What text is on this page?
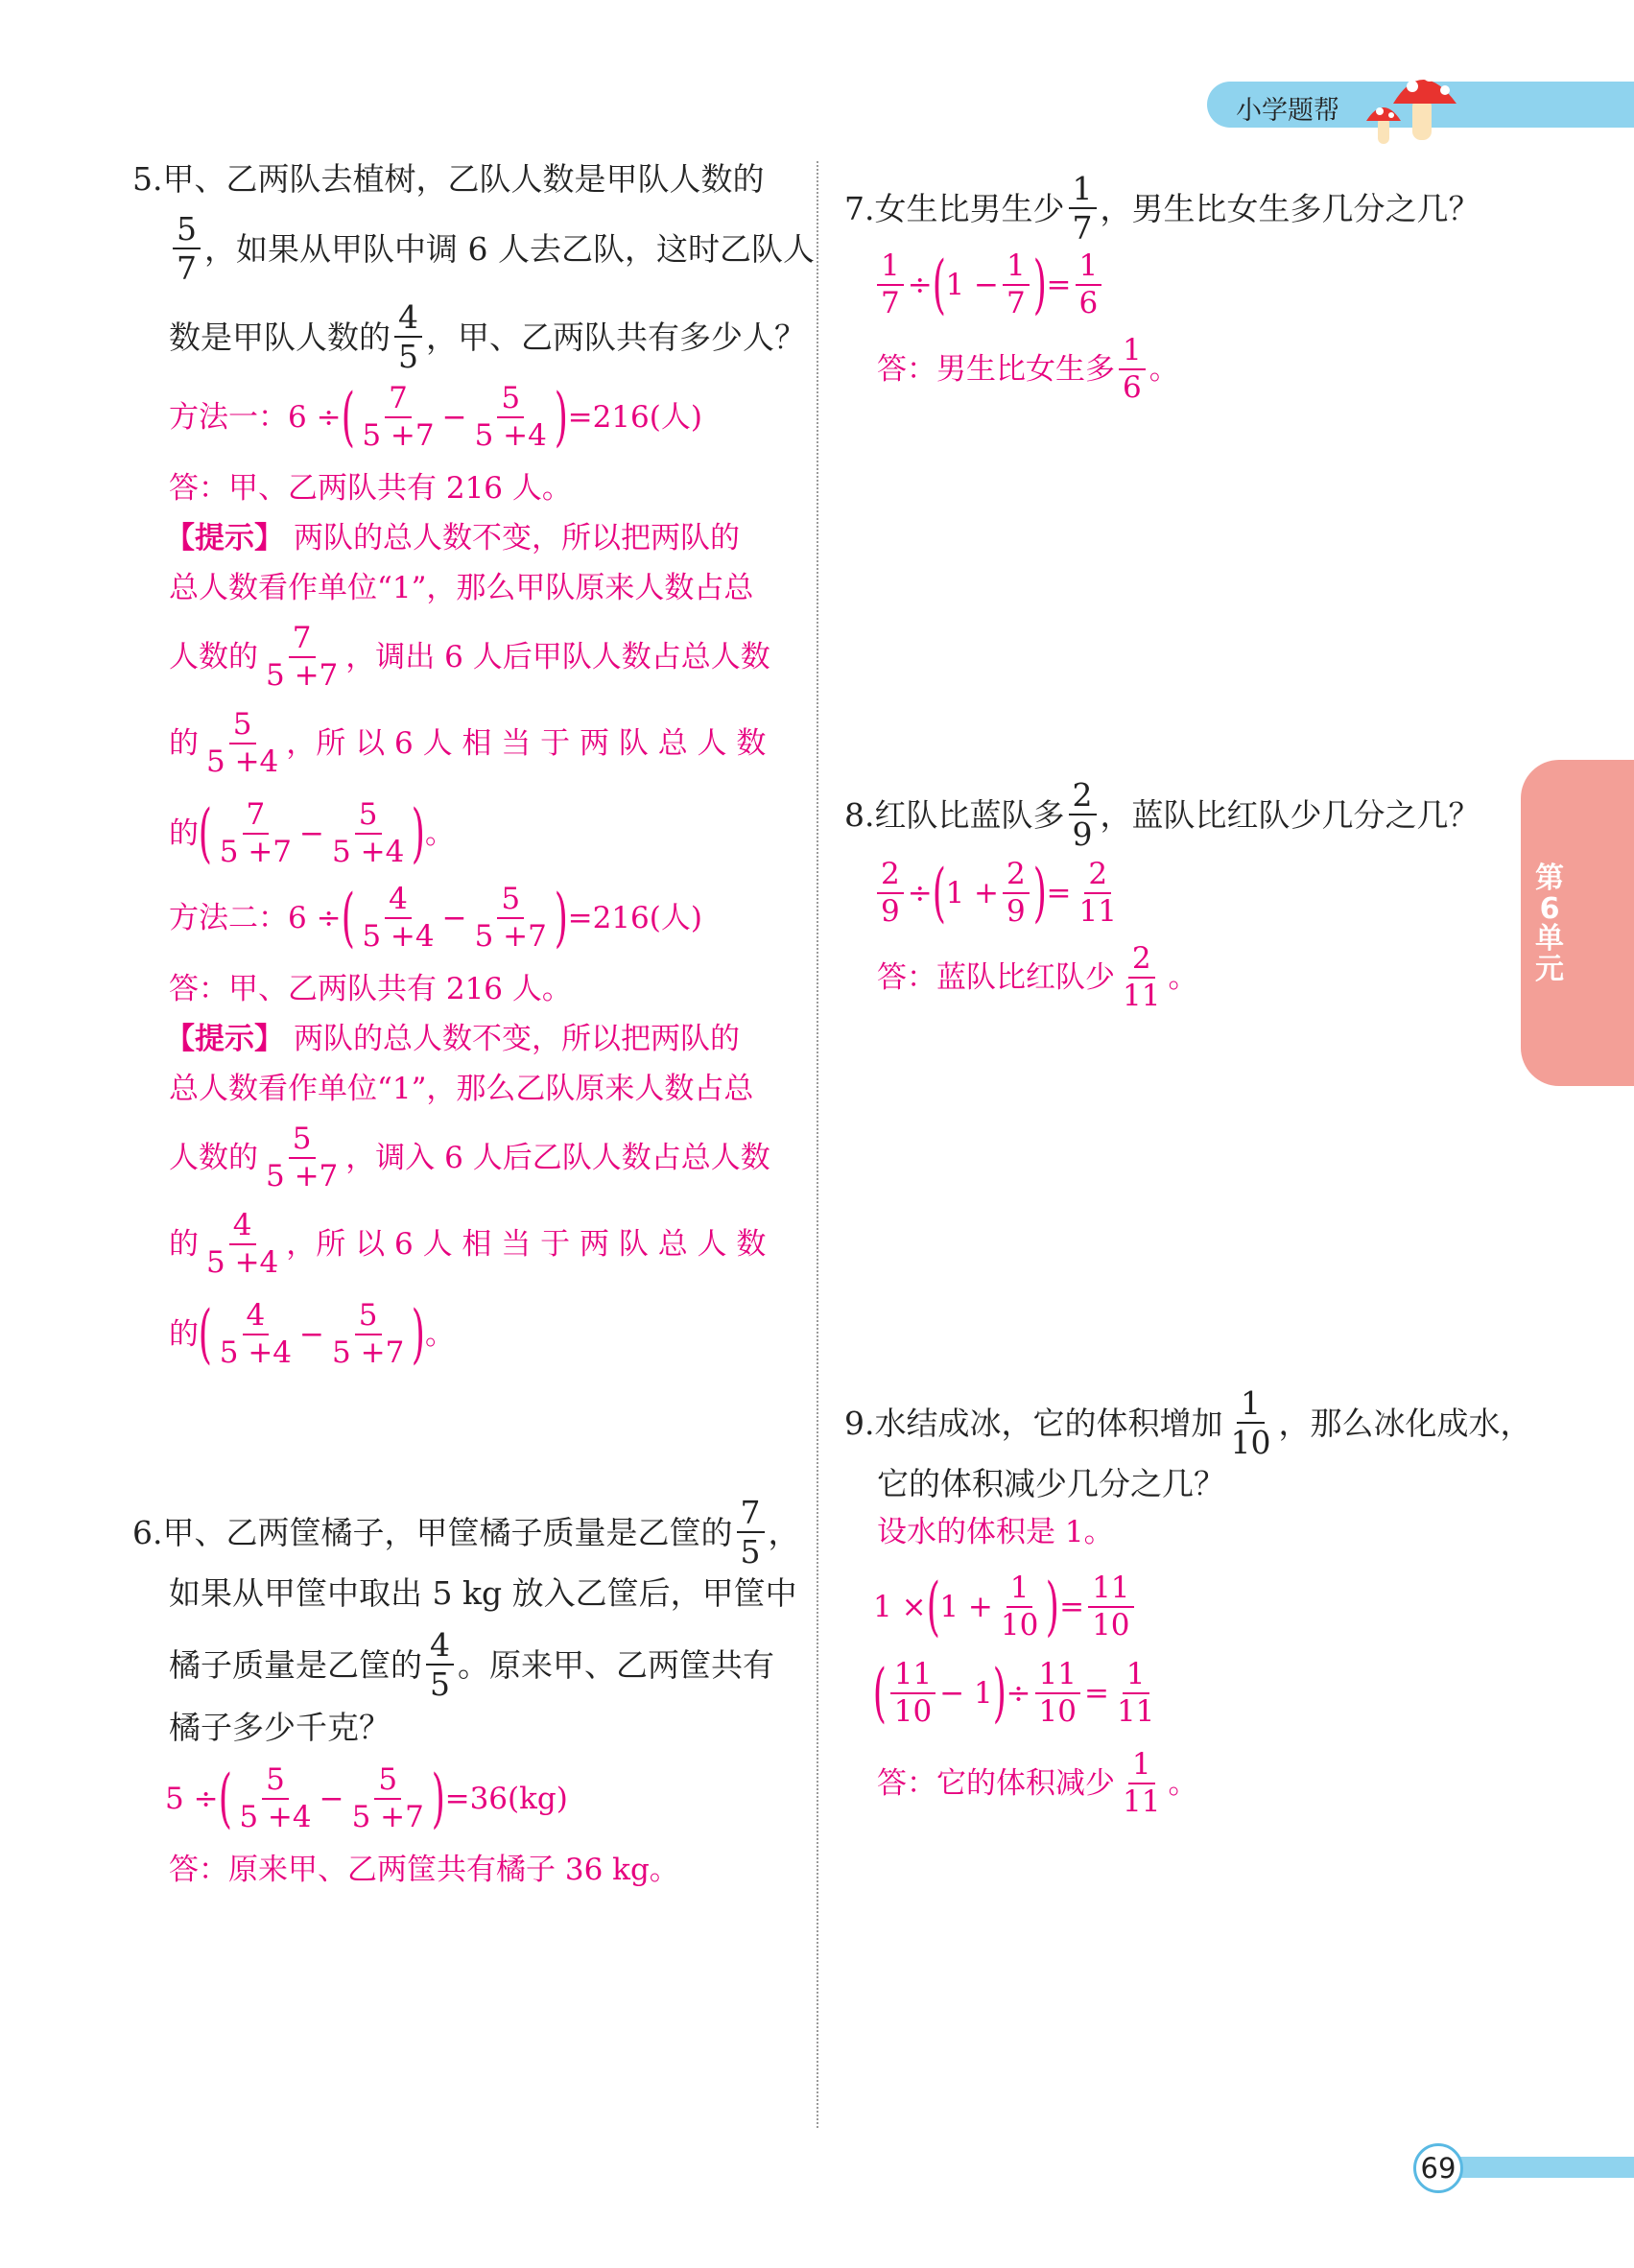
小学题帮
第6单元
5.甲、乙两队去植树，乙队人数是甲队人数的
5
7
，如果从甲队中调 6 人去乙队，这时乙队人
数是甲队人数的
4
5
，甲、乙两队共有多少人？
方法一：6 ÷ ( 7
5 +7
− $\frac{5}{5 +4}$ ) =216(人)
答：甲、乙两队共有 216 人。
【提示】 两队的总人数不变，所以把两队的
总人数看作单位“1”，那么甲队原来人数占总
人数的
7
5 +7
，调出 6 人后甲队人数占总人数
的
5
5 +4
，所 以 6 人 相 当 于 两 队 总 人 数
的 ( 7
5 +7
− $\frac{5}{5 +4}$ ) 。
方法二：6 ÷ ( 4
5 +4
− $\frac{5}{5 +7}$ ) =216(人)
答：甲、乙两队共有 216 人。
【提示】 两队的总人数不变，所以把两队的
总人数看作单位“1”，那么乙队原来人数占总
人数的
5
5 +7
，调入 6 人后乙队人数占总人数
的
4
5 +4
，所 以 6 人 相 当 于 两 队 总 人 数
的 ( 4
5 +4
− $\frac{5}{5 +7}$ ) 。
6.甲、乙两筐橘子，甲筐橘子质量是乙筐的
7
5
，
如果从甲筐中取出 5 kg 放入乙筐后，甲筐中
橘子质量是乙筐的
4
5
。原来甲、乙两筐共有
橘子多少千克？
5 ÷ ( 5
5 +4
− $\frac{5}{5 +7}$ ) =36(kg)
答：原来甲、乙两筐共有橘子 36 kg。
7.女生比男生少
1
7
，男生比女生多几分之几？
$\frac{1}{7}$ ÷ ( $1 - \frac{1}{7}$ ) = $\frac{1}{6}$
答：男生比女生多
1
6
。
8.红队比蓝队多
2
9
，蓝队比红队少几分之几？
$\frac{2}{9}$ ÷ ( $1 + \frac{2}{9}$ ) = $\frac{2}{11}$
答：蓝队比红队少
2
11
。
9.水结成冰，它的体积增加
1
10
，那么冰化成水，
它的体积减少几分之几？
设水的体积是 1。
1 × ( $1 + \frac{1}{10}$ ) = $\frac{11}{10}$
( 11
10
− 1 ) ÷ $\frac{11}{10} = \frac{1}{11}$
答：它的体积减少
1
11
。
69
